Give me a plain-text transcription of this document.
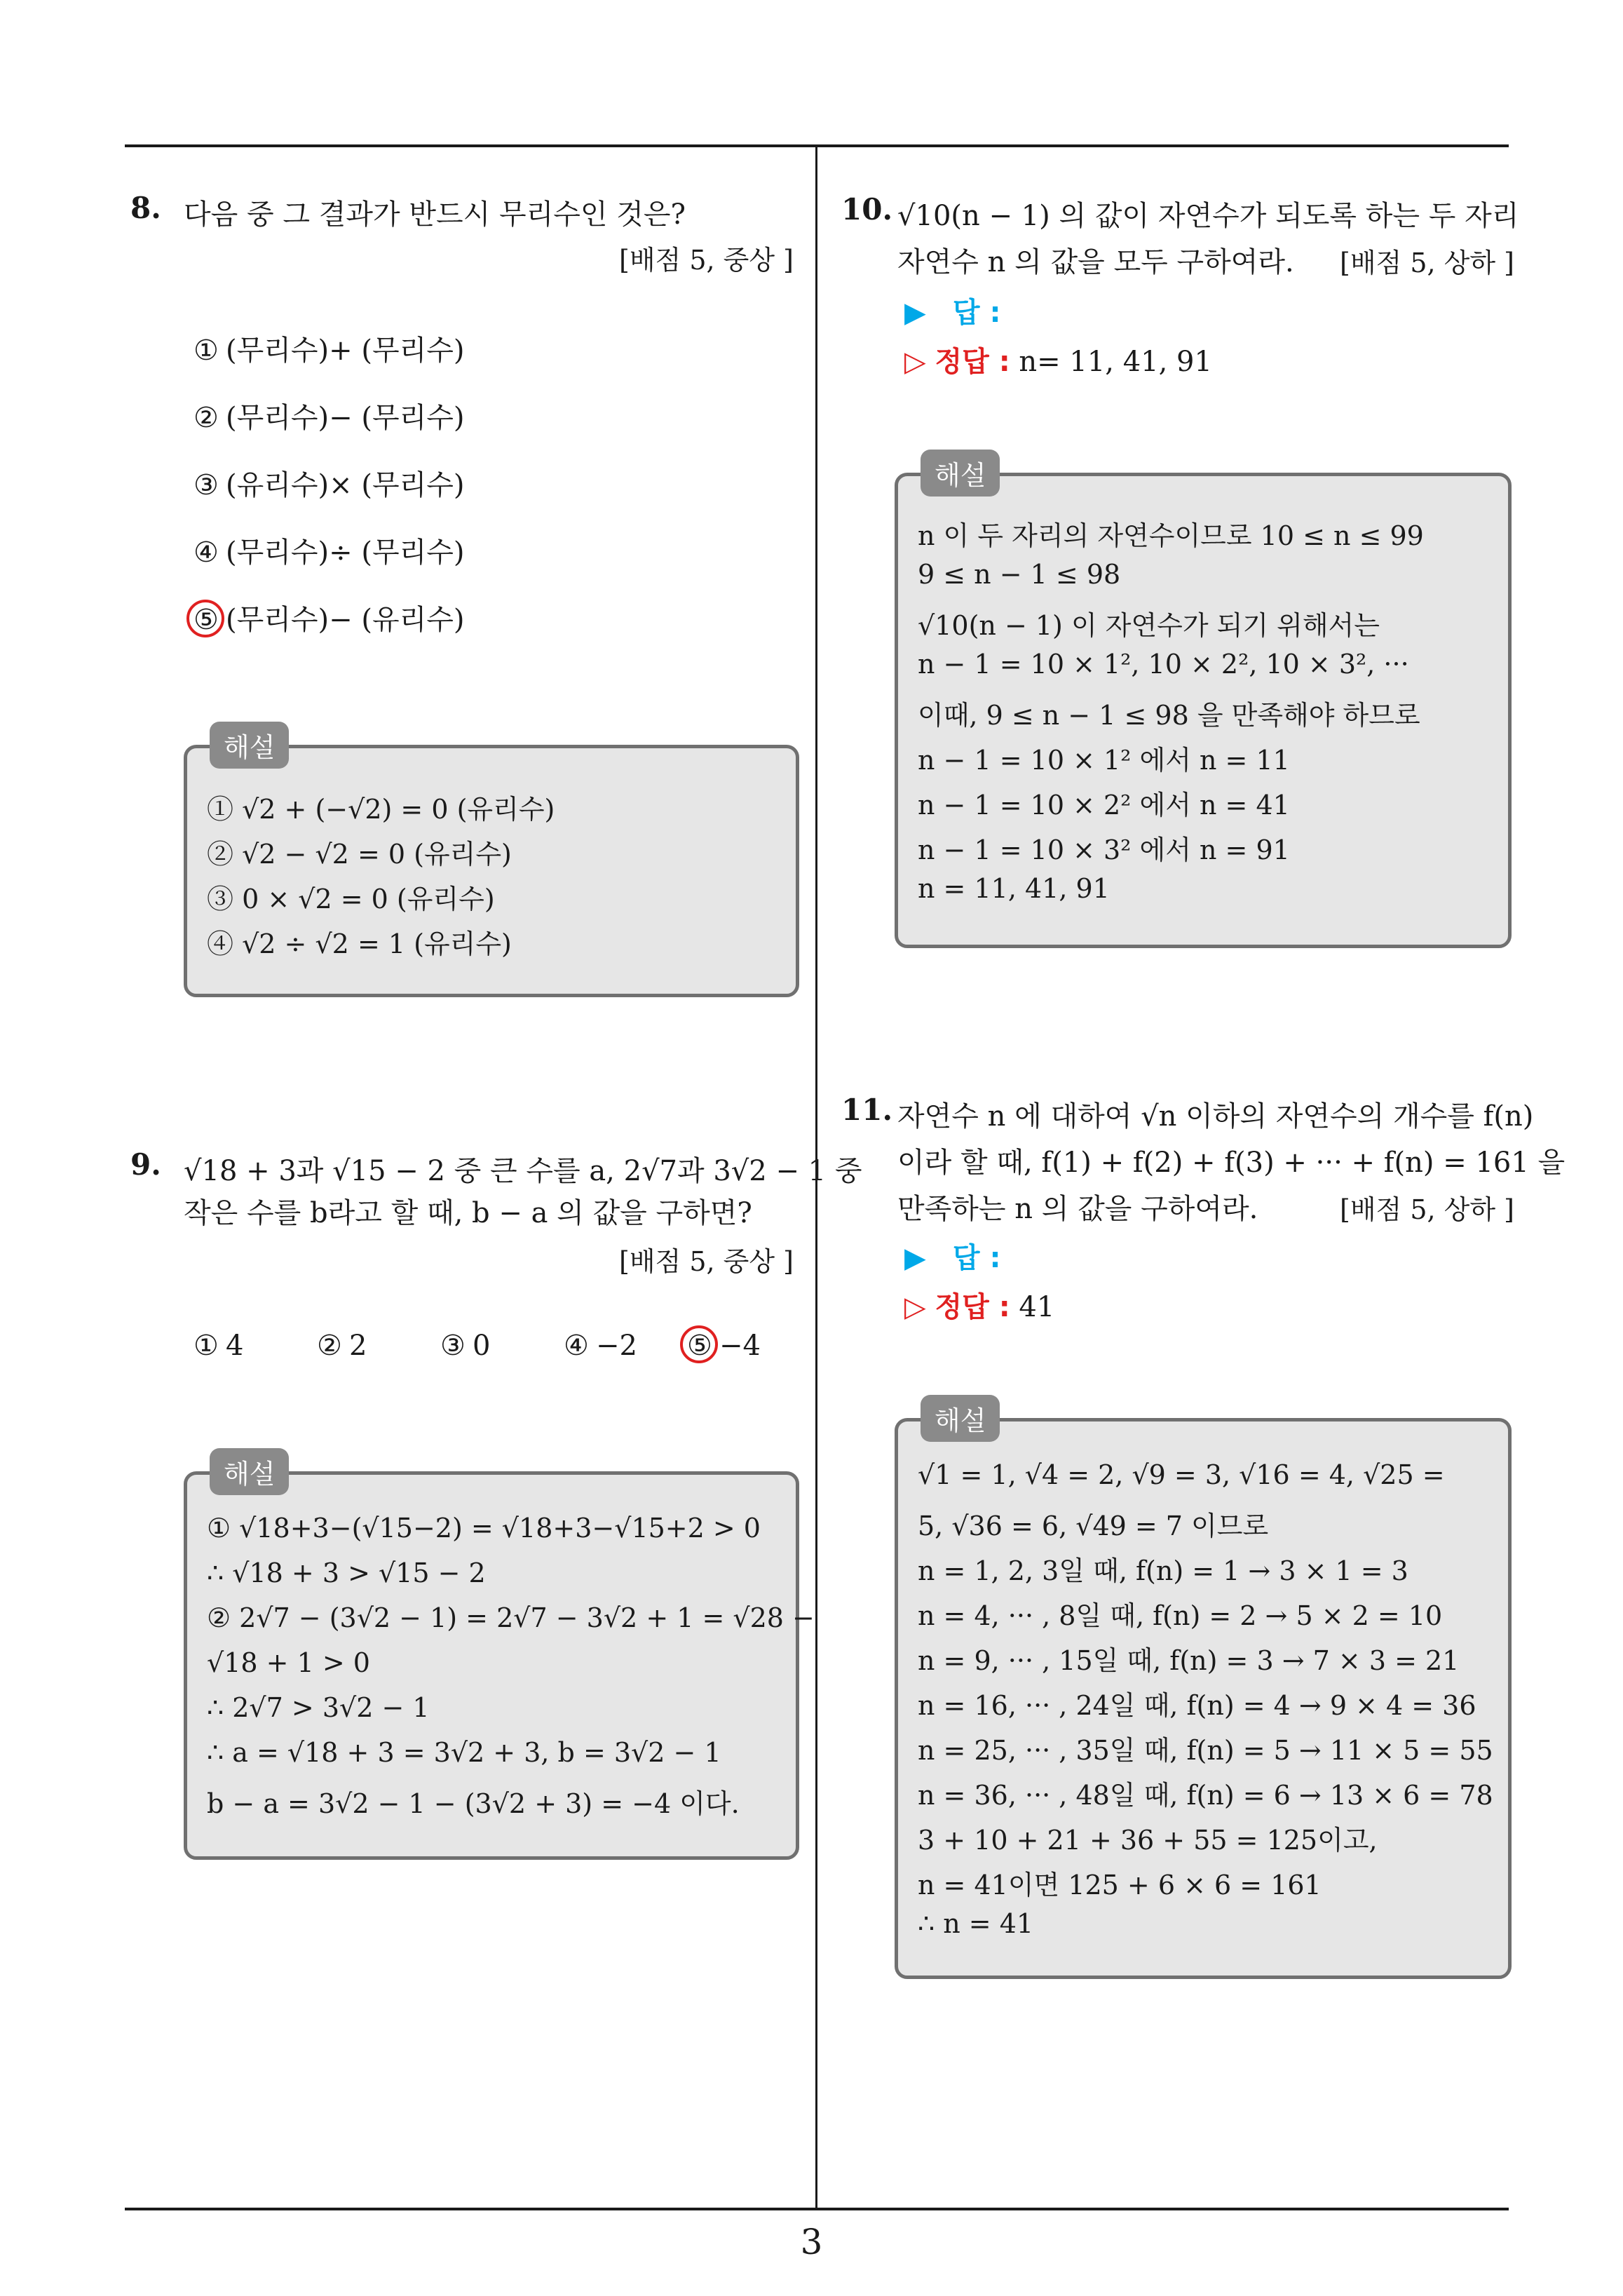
8. 다음 중 그 결과가 반드시 무리수인 것은?
[배점 5, 중상 ]
① (무리수)+ (무리수)
② (무리수)− (무리수)
③ (유리수)× (무리수)
④ (무리수)÷ (무리수)
⑤ (무리수)− (유리수)
해설
① √2 + (−√2) = 0 (유리수)
② √2 − √2 = 0 (유리수)
③ 0 × √2 = 0 (유리수)
④ √2 ÷ √2 = 1 (유리수)
9. √18 + 3과 √15 − 2 중 큰 수를 a, 2√7과 3√2 − 1 중
작은 수를 b라고 할 때, b − a 의 값을 구하면?
[배점 5, 중상 ]
① 4	② 2	③ 0	④ −2 ⑤ −4
해설
① √18+3−(√15−2) = √18+3−√15+2 > 0
∴ √18 + 3 > √15 − 2
② 2√7 − (3√2 − 1) = 2√7 − 3√2 + 1 = √28 −
√18 + 1 > 0
∴ 2√7 > 3√2 − 1
∴ a = √18 + 3 = 3√2 + 3, b = 3√2 − 1
b − a = 3√2 − 1 − (3√2 + 3) = −4 이다.
10. √10(n − 1) 의 값이 자연수가 되도록 하는 두 자리
자연수 n 의 값을 모두 구하여라.	[배점 5, 상하 ]
▶ 답 :
▷ 정답 : n= 11, 41, 91
해설
n 이 두 자리의 자연수이므로 10 ≤ n ≤ 99
9 ≤ n − 1 ≤ 98
√10(n − 1) 이 자연수가 되기 위해서는
n − 1 = 10 × 1², 10 × 2², 10 × 3², ···
이때, 9 ≤ n − 1 ≤ 98 을 만족해야 하므로
n − 1 = 10 × 1² 에서 n = 11
n − 1 = 10 × 2² 에서 n = 41
n − 1 = 10 × 3² 에서 n = 91
n = 11, 41, 91
11. 자연수 n 에 대하여 √n 이하의 자연수의 개수를 f(n)
이라 할 때, f(1) + f(2) + f(3) + ··· + f(n) = 161 을
만족하는 n 의 값을 구하여라.	[배점 5, 상하 ]
▶ 답 :
▷ 정답 : 41
해설
√1 = 1, √4 = 2, √9 = 3, √16 = 4, √25 =
5, √36 = 6, √49 = 7 이므로
n = 1, 2, 3일 때, f(n) = 1 → 3 × 1 = 3
n = 4, ··· , 8일 때, f(n) = 2 → 5 × 2 = 10
n = 9, ··· , 15일 때, f(n) = 3 → 7 × 3 = 21
n = 16, ··· , 24일 때, f(n) = 4 → 9 × 4 = 36
n = 25, ··· , 35일 때, f(n) = 5 → 11 × 5 = 55
n = 36, ··· , 48일 때, f(n) = 6 → 13 × 6 = 78
3 + 10 + 21 + 36 + 55 = 125이고,
n = 41이면 125 + 6 × 6 = 161
∴ n = 41
3
